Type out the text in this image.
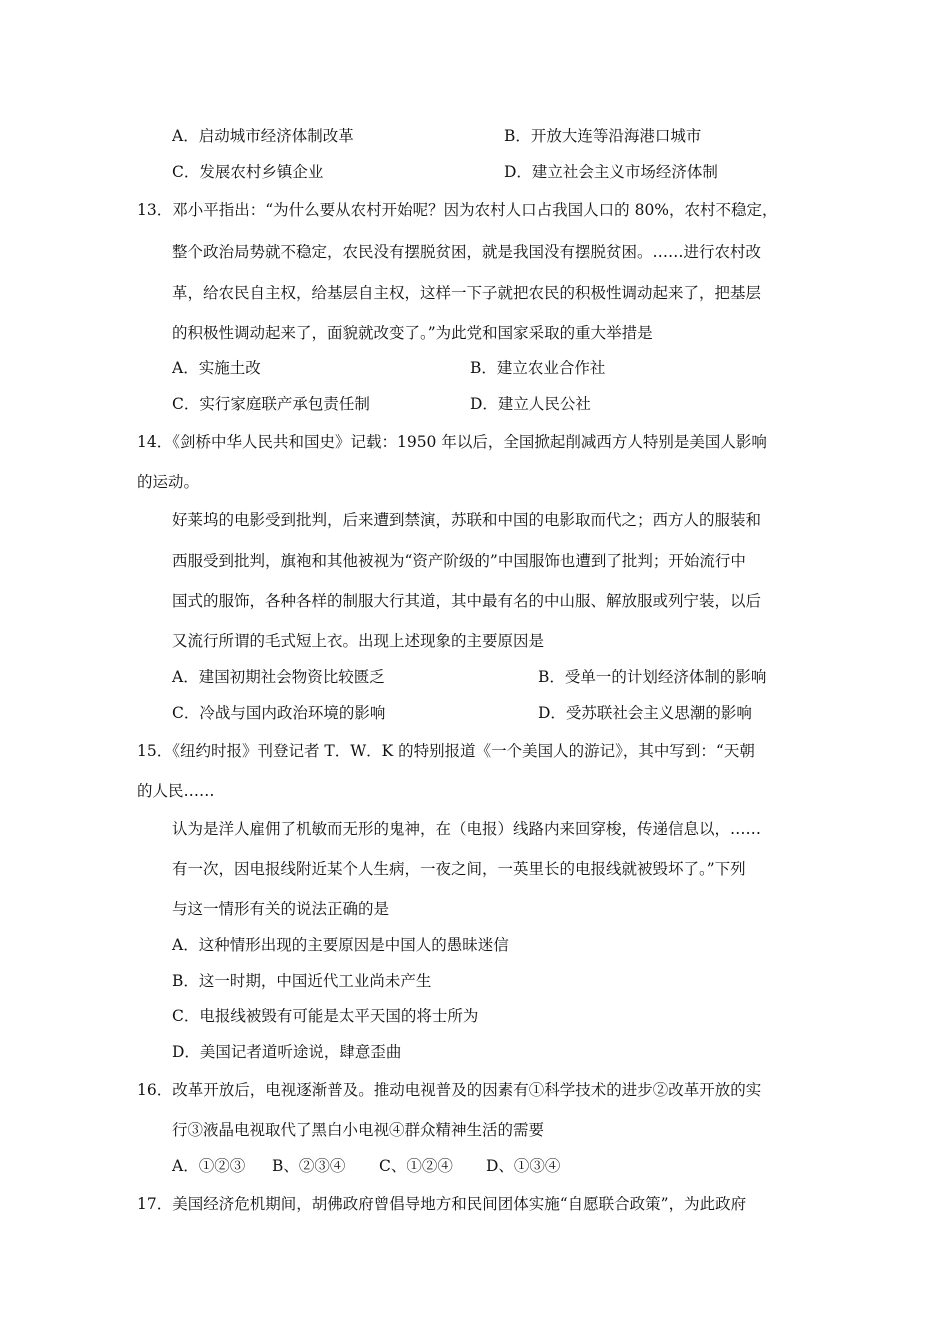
A．启动城市经济体制改革	B．开放大连等沿海港口城市
C．发展农村乡镇企业	D．建立社会主义市场经济体制
13．邓小平指出：“为什么要从农村开始呢？因为农村人口占我国人口的 80%，农村不稳定，
整个政治局势就不稳定，农民没有摆脱贫困，就是我国没有摆脱贫困。……进行农村改
革，给农民自主权，给基层自主权，这样一下子就把农民的积极性调动起来了，把基层
的积极性调动起来了，面貌就改变了。”为此党和国家采取的重大举措是
A．实施土改	B．建立农业合作社
C．实行家庭联产承包责任制	D．建立人民公社
14．《剑桥中华人民共和国史》记载：1950 年以后，全国掀起削减西方人特别是美国人影响
的运动。
好莱坞的电影受到批判，后来遭到禁演，苏联和中国的电影取而代之；西方人的服装和
西服受到批判，旗袍和其他被视为“资产阶级的”中国服饰也遭到了批判；开始流行中
国式的服饰，各种各样的制服大行其道，其中最有名的中山服、解放服或列宁装，以后
又流行所谓的毛式短上衣。出现上述现象的主要原因是
A．建国初期社会物资比较匮乏	B．受单一的计划经济体制的影响
C．冷战与国内政治环境的影响	D．受苏联社会主义思潮的影响
15．《纽约时报》刊登记者 T．W．K 的特别报道《一个美国人的游记》，其中写到：“天朝
的人民……
认为是洋人雇佣了机敏而无形的鬼神，在（电报）线路内来回穿梭，传递信息以，……
有一次，因电报线附近某个人生病，一夜之间，一英里长的电报线就被毁坏了。”下列
与这一情形有关的说法正确的是
A．这种情形出现的主要原因是中国人的愚昧迷信
B．这一时期，中国近代工业尚未产生
C．电报线被毁有可能是太平天国的将士所为
D．美国记者道听途说，肆意歪曲
16．改革开放后，电视逐渐普及。推动电视普及的因素有①科学技术的进步②改革开放的实
行③液晶电视取代了黑白小电视④群众精神生活的需要
A．①②③ B、②③④ C、①②④ D、①③④
17．美国经济危机期间，胡佛政府曾倡导地方和民间团体实施“自愿联合政策”，为此政府
